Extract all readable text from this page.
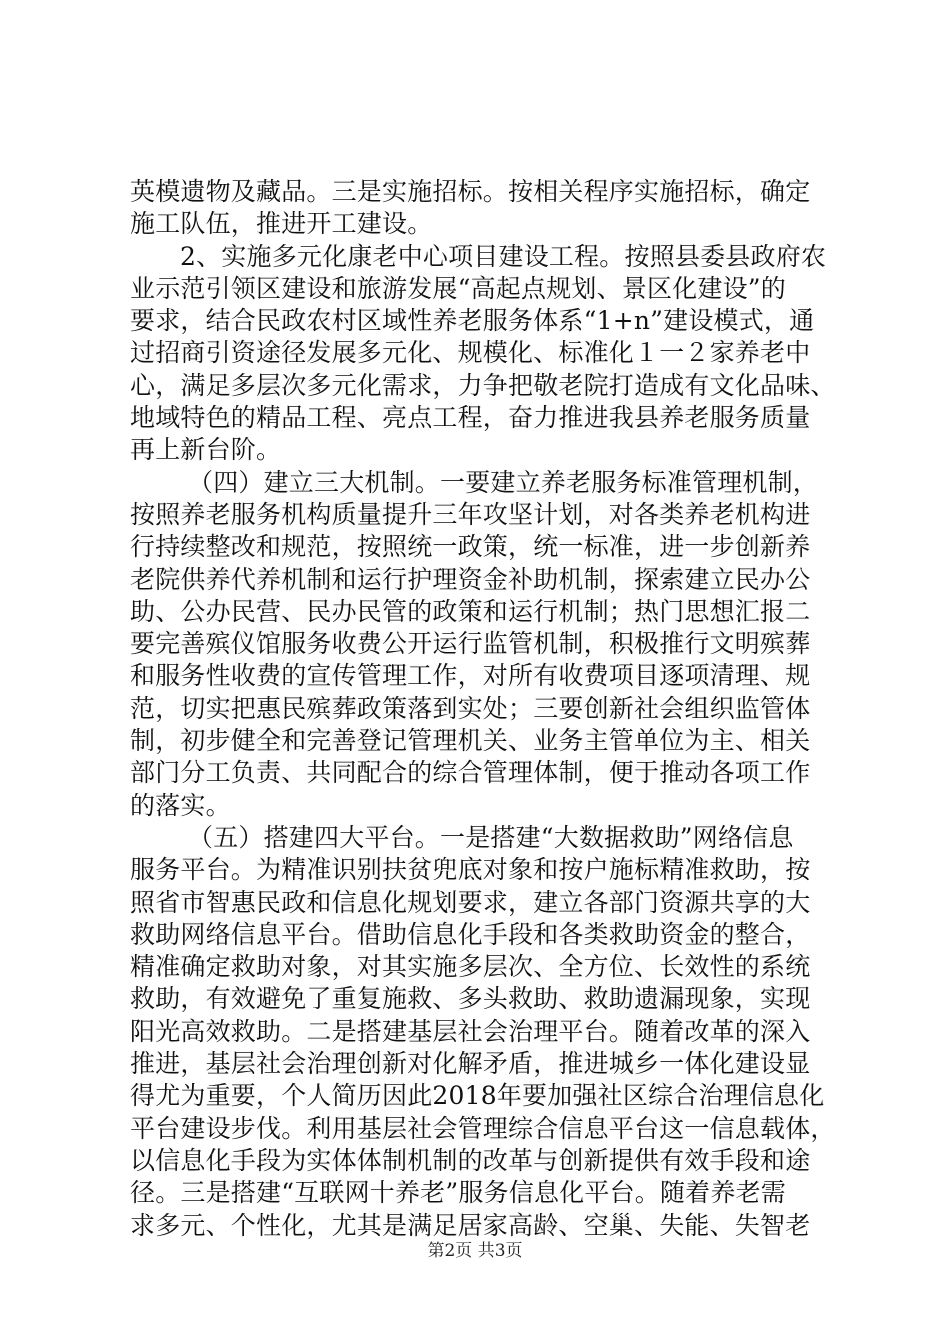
英模遗物及藏品。三是实施招标。按相关程序实施招标，确定
施工队伍，推进开工建设。
2、实施多元化康老中心项目建设工程。按照县委县政府农
业示范引领区建设和旅游发展“高起点规划、景区化建设”的
要求，结合民政农村区域性养老服务体系“1+n”建设模式，通
过招商引资途径发展多元化、规模化、标准化１一２家养老中
心，满足多层次多元化需求，力争把敬老院打造成有文化品味、
地域特色的精品工程、亮点工程，奋力推进我县养老服务质量
再上新台阶。
（四）建立三大机制。一要建立养老服务标准管理机制，
按照养老服务机构质量提升三年攻坚计划，对各类养老机构进
行持续整改和规范，按照统一政策，统一标准，进一步创新养
老院供养代养机制和运行护理资金补助机制，探索建立民办公
助、公办民营、民办民管的政策和运行机制；热门思想汇报二
要完善殡仪馆服务收费公开运行监管机制，积极推行文明殡葬
和服务性收费的宣传管理工作，对所有收费项目逐项清理、规
范，切实把惠民殡葬政策落到实处；三要创新社会组织监管体
制，初步健全和完善登记管理机关、业务主管单位为主、相关
部门分工负责、共同配合的综合管理体制，便于推动各项工作
的落实。
（五）搭建四大平台。一是搭建“大数据救助”网络信息
服务平台。为精准识别扶贫兜底对象和按户施标精准救助，按
照省市智惠民政和信息化规划要求，建立各部门资源共享的大
救助网络信息平台。借助信息化手段和各类救助资金的整合，
精准确定救助对象，对其实施多层次、全方位、长效性的系统
救助，有效避免了重复施救、多头救助、救助遗漏现象，实现
阳光高效救助。二是搭建基层社会治理平台。随着改革的深入
推进，基层社会治理创新对化解矛盾，推进城乡一体化建设显
得尤为重要，个人简历因此2018年要加强社区综合治理信息化
平台建设步伐。利用基层社会管理综合信息平台这一信息载体，
以信息化手段为实体体制机制的改革与创新提供有效手段和途
径。三是搭建“互联网十养老”服务信息化平台。随着养老需
求多元、个性化，尤其是满足居家高龄、空巢、失能、失智老
第2页 共3页
